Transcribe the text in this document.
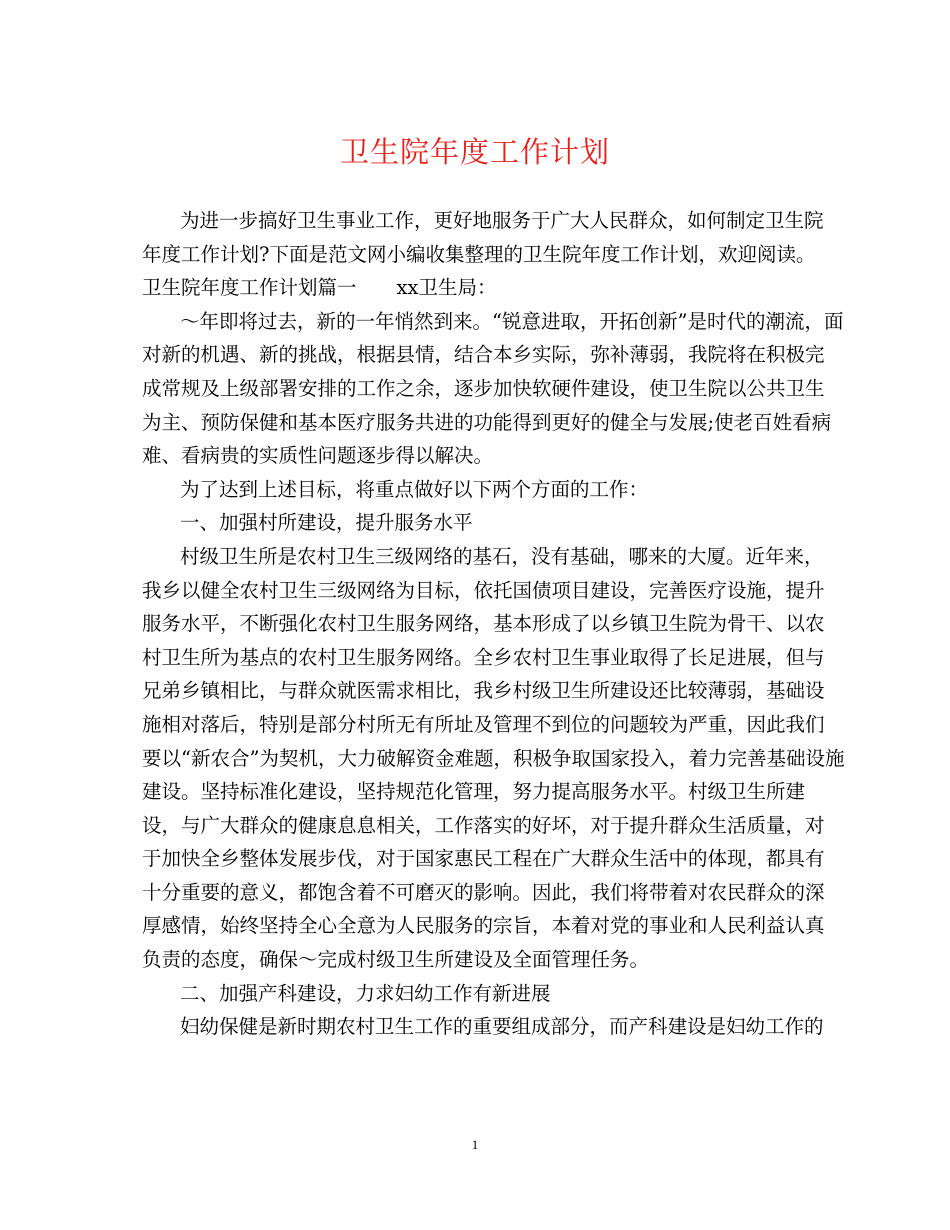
卫生院年度工作计划
为进一步搞好卫生事业工作，更好地服务于广大人民群众，如何制定卫生院
年度工作计划?下面是范文网小编收集整理的卫生院年度工作计划，欢迎阅读。
卫生院年度工作计划篇一 xx卫生局：
～年即将过去，新的一年悄然到来。“锐意进取，开拓创新”是时代的潮流，面
对新的机遇、新的挑战，根据县情，结合本乡实际，弥补薄弱，我院将在积极完
成常规及上级部署安排的工作之余，逐步加快软硬件建设，使卫生院以公共卫生
为主、预防保健和基本医疗服务共进的功能得到更好的健全与发展;使老百姓看病
难、看病贵的实质性问题逐步得以解决。
为了达到上述目标，将重点做好以下两个方面的工作：
一、加强村所建设，提升服务水平
村级卫生所是农村卫生三级网络的基石，没有基础，哪来的大厦。近年来，
我乡以健全农村卫生三级网络为目标，依托国债项目建设，完善医疗设施，提升
服务水平，不断强化农村卫生服务网络，基本形成了以乡镇卫生院为骨干、以农
村卫生所为基点的农村卫生服务网络。全乡农村卫生事业取得了长足进展，但与
兄弟乡镇相比，与群众就医需求相比，我乡村级卫生所建设还比较薄弱，基础设
施相对落后，特别是部分村所无有所址及管理不到位的问题较为严重，因此我们
要以“新农合”为契机，大力破解资金难题，积极争取国家投入，着力完善基础设施
建设。坚持标准化建设，坚持规范化管理，努力提高服务水平。村级卫生所建
设，与广大群众的健康息息相关，工作落实的好坏，对于提升群众生活质量，对
于加快全乡整体发展步伐，对于国家惠民工程在广大群众生活中的体现，都具有
十分重要的意义，都饱含着不可磨灭的影响。因此，我们将带着对农民群众的深
厚感情，始终坚持全心全意为人民服务的宗旨，本着对党的事业和人民利益认真
负责的态度，确保～完成村级卫生所建设及全面管理任务。
二、加强产科建设，力求妇幼工作有新进展
妇幼保健是新时期农村卫生工作的重要组成部分，而产科建设是妇幼工作的
1
